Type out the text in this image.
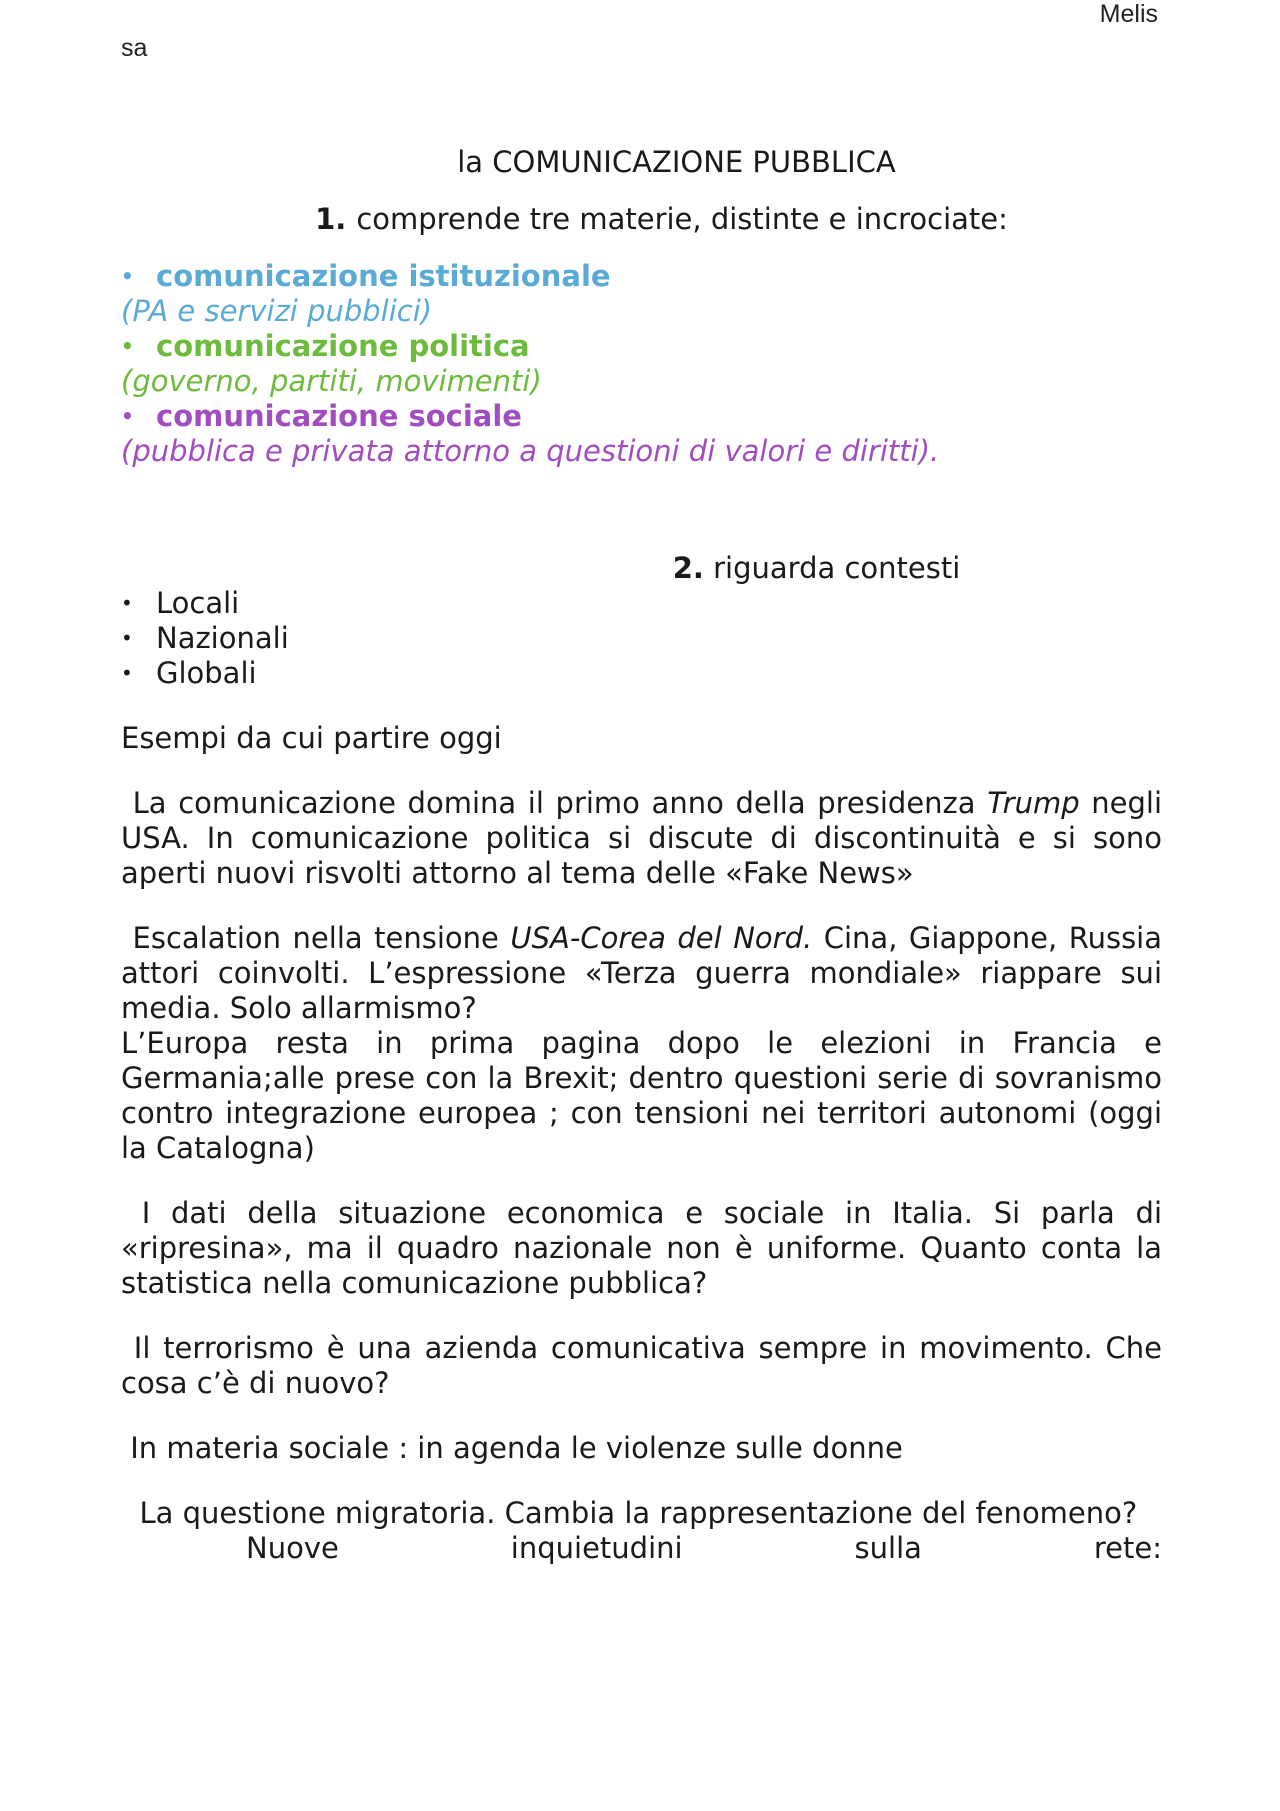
Melis
sa
la COMUNICAZIONE PUBBLICA
1. comprende tre materie, distinte e incrociate:
• comunicazione istituzionale
(PA e servizi pubblici)
• comunicazione politica
(governo, partiti, movimenti)
• comunicazione sociale
(pubblica e privata attorno a questioni di valori e diritti).
2. riguarda contesti
• Locali
• Nazionali
• Globali
Esempi da cui partire oggi
La comunicazione domina il primo anno della presidenza Trump negli USA. In comunicazione politica si discute di discontinuità e si sono aperti nuovi risvolti attorno al tema delle «Fake News»
Escalation nella tensione USA-Corea del Nord. Cina, Giappone, Russia attori coinvolti. L’espressione «Terza guerra mondiale» riappare sui media. Solo allarmismo?
L’Europa resta in prima pagina dopo le elezioni in Francia e Germania;alle prese con la Brexit; dentro questioni serie di sovranismo contro integrazione europea ; con tensioni nei territori autonomi (oggi la Catalogna)
I dati della situazione economica e sociale in Italia. Si parla di «ripresina», ma il quadro nazionale non è uniforme. Quanto conta la statistica nella comunicazione pubblica?
Il terrorismo è una azienda comunicativa sempre in movimento. Che cosa c’è di nuovo?
In materia sociale : in agenda le violenze sulle donne
La questione migratoria. Cambia la rappresentazione del fenomeno?
Nuove inquietudini sulla rete:
